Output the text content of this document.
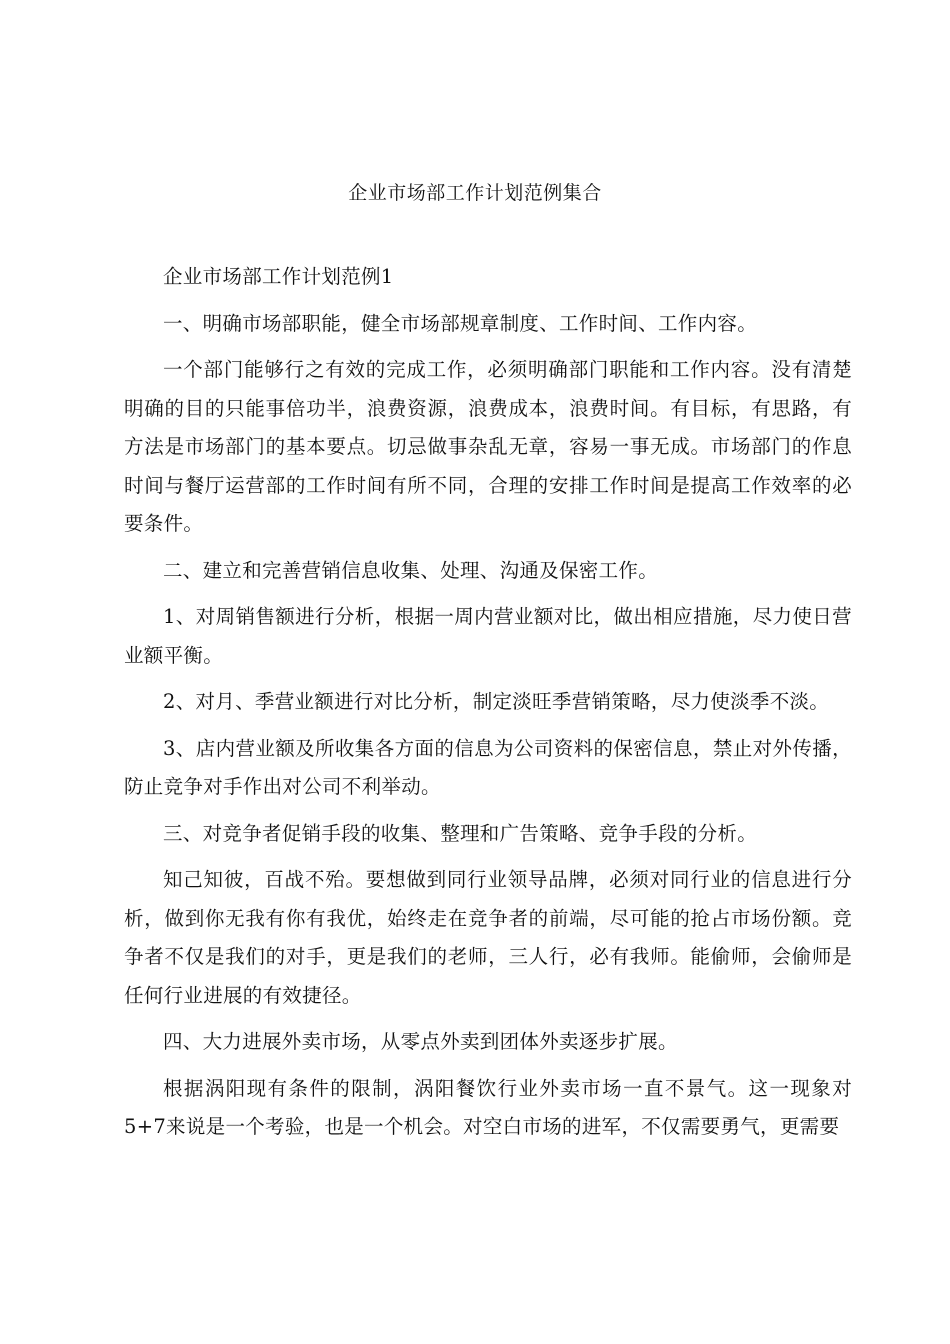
企业市场部工作计划范例集合

企业市场部工作计划范例1

一、明确市场部职能，健全市场部规章制度、工作时间、工作内容。

一个部门能够行之有效的完成工作，必须明确部门职能和工作内容。没有清楚明确的目的只能事倍功半，浪费资源，浪费成本，浪费时间。有目标，有思路，有方法是市场部门的基本要点。切忌做事杂乱无章，容易一事无成。市场部门的作息时间与餐厅运营部的工作时间有所不同，合理的安排工作时间是提高工作效率的必要条件。

二、建立和完善营销信息收集、处理、沟通及保密工作。

1、对周销售额进行分析，根据一周内营业额对比，做出相应措施，尽力使日营业额平衡。

2、对月、季营业额进行对比分析，制定淡旺季营销策略，尽力使淡季不淡。

3、店内营业额及所收集各方面的信息为公司资料的保密信息，禁止对外传播，防止竞争对手作出对公司不利举动。

三、对竞争者促销手段的收集、整理和广告策略、竞争手段的分析。

知己知彼，百战不殆。要想做到同行业领导品牌，必须对同行业的信息进行分析，做到你无我有你有我优，始终走在竞争者的前端，尽可能的抢占市场份额。竞争者不仅是我们的对手，更是我们的老师，三人行，必有我师。能偷师，会偷师是任何行业进展的有效捷径。

四、大力进展外卖市场，从零点外卖到团体外卖逐步扩展。

根据涡阳现有条件的限制，涡阳餐饮行业外卖市场一直不景气。这一现象对5+7来说是一个考验，也是一个机会。对空白市场的进军，不仅需要勇气，更需要
